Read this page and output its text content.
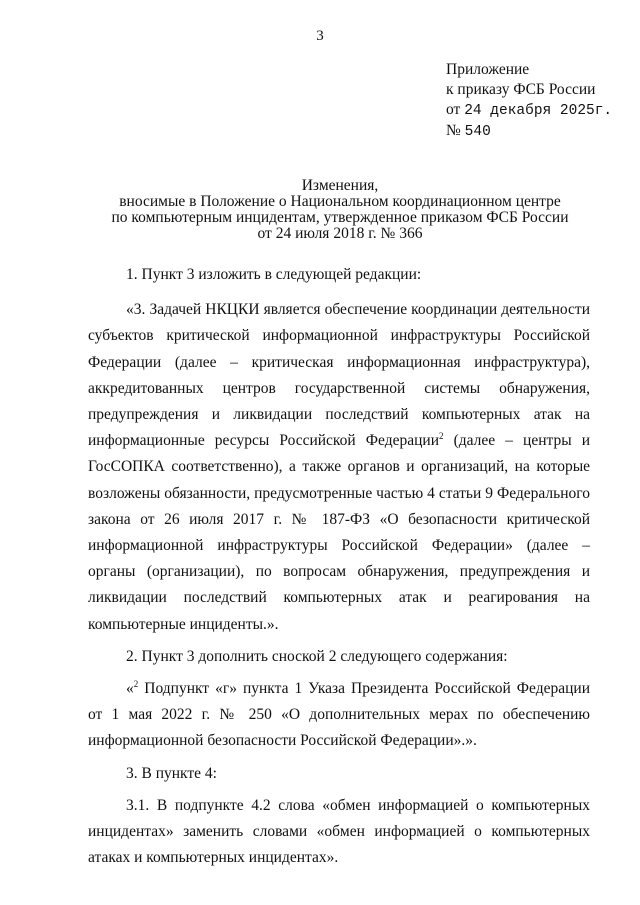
3
Приложение
к приказу ФСБ России
от 24 декабря 2025г.
№ 540
Изменения,
вносимые в Положение о Национальном координационном центре
по компьютерным инцидентам, утвержденное приказом ФСБ России
от 24 июля 2018 г. № 366

1. Пункт 3 изложить в следующей редакции:

«3. Задачей НКЦКИ является обеспечение координации деятельности субъектов критической информационной инфраструктуры Российской Федерации (далее – критическая информационная инфраструктура), аккредитованных центров государственной системы обнаружения, предупреждения и ликвидации последствий компьютерных атак на информационные ресурсы Российской Федерации$^2$ (далее – центры и ГосСОПКА соответственно), а также органов и организаций, на которые возложены обязанности, предусмотренные частью 4 статьи 9 Федерального закона от 26 июля 2017 г. № 187-ФЗ «О безопасности критической информационной инфраструктуры Российской Федерации» (далее – органы (организации), по вопросам обнаружения, предупреждения и ликвидации последствий компьютерных атак и реагирования на компьютерные инциденты.».

2. Пункт 3 дополнить сноской 2 следующего содержания:

«$^2$ Подпункт «г» пункта 1 Указа Президента Российской Федерации от 1 мая 2022 г. № 250 «О дополнительных мерах по обеспечению информационной безопасности Российской Федерации».».

3. В пункте 4:

3.1. В подпункте 4.2 слова «обмен информацией о компьютерных инцидентах» заменить словами «обмен информацией о компьютерных атаках и компьютерных инцидентах».
